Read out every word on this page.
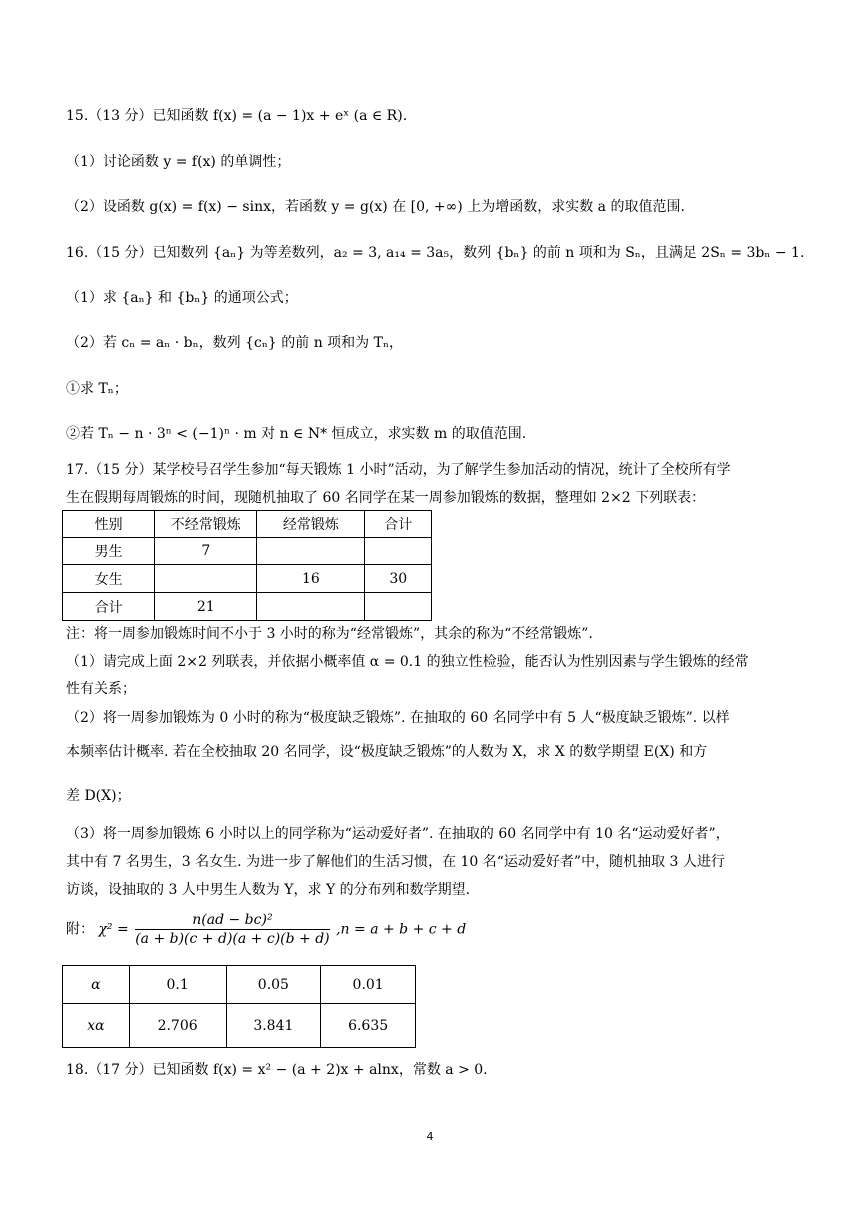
15.（13 分）已知函数 f(x) = (a − 1)x + eˣ (a ∈ R).
（1）讨论函数 y = f(x) 的单调性；
（2）设函数 g(x) = f(x) − sinx，若函数 y = g(x) 在 [0, +∞) 上为增函数，求实数 a 的取值范围.
16.（15 分）已知数列 {aₙ} 为等差数列，a₂ = 3, a₁₄ = 3a₅，数列 {bₙ} 的前 n 项和为 Sₙ，且满足 2Sₙ = 3bₙ − 1.
（1）求 {aₙ} 和 {bₙ} 的通项公式；
（2）若 cₙ = aₙ · bₙ，数列 {cₙ} 的前 n 项和为 Tₙ，
①求 Tₙ；
②若 Tₙ − n · 3ⁿ < (−1)ⁿ · m 对 n ∈ N* 恒成立，求实数 m 的取值范围.
17.（15 分）某学校号召学生参加“每天锻炼 1 小时”活动，为了解学生参加活动的情况，统计了全校所有学
生在假期每周锻炼的时间，现随机抽取了 60 名同学在某一周参加锻炼的数据，整理如 2×2 下列联表：
性别	不经常锻炼	经常锻炼	合计
男生	7		
女生		16	30
合计	21		
注：将一周参加锻炼时间不小于 3 小时的称为“经常锻炼”，其余的称为“不经常锻炼”.
（1）请完成上面 2×2 列联表，并依据小概率值 α = 0.1 的独立性检验，能否认为性别因素与学生锻炼的经常
性有关系；
（2）将一周参加锻炼为 0 小时的称为“极度缺乏锻炼”. 在抽取的 60 名同学中有 5 人“极度缺乏锻炼”. 以样
本频率估计概率. 若在全校抽取 20 名同学，设“极度缺乏锻炼”的人数为 X，求 X 的数学期望 E(X) 和方
差 D(X)；
（3）将一周参加锻炼 6 小时以上的同学称为“运动爱好者”. 在抽取的 60 名同学中有 10 名“运动爱好者”，
其中有 7 名男生，3 名女生. 为进一步了解他们的生活习惯，在 10 名“运动爱好者”中，随机抽取 3 人进行
访谈，设抽取的 3 人中男生人数为 Y，求 Y 的分布列和数学期望.
附： $\chi^2 = \frac{\text{n(ad − bc)²}}{(a + b)(c + d)(a + c)(b + d)} ,n = a + b + c + d$
α	0.1	0.05	0.01
xα	2.706	3.841	6.635
18.（17 分）已知函数 f(x) = x² − (a + 2)x + alnx，常数 a > 0.
4
